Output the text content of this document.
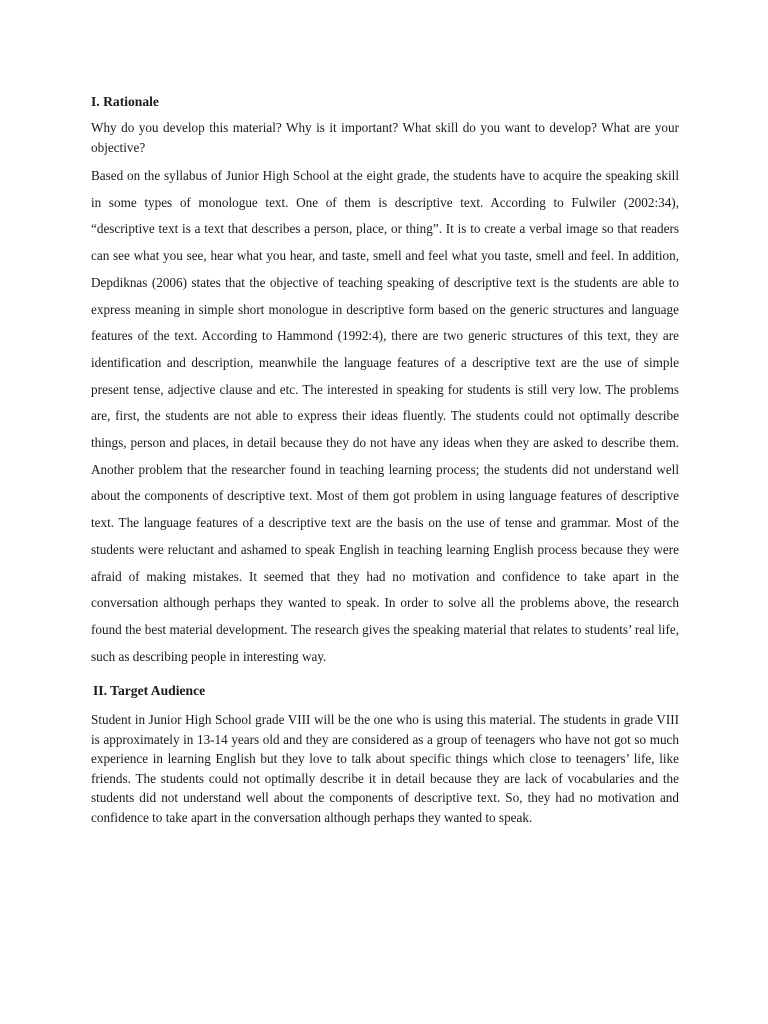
I. Rationale

Why do you develop this material? Why is it important? What skill do you want to develop? What are your objective?

Based on the syllabus of Junior High School at the eight grade, the students have to acquire the speaking skill in some types of monologue text. One of them is descriptive text. According to Fulwiler (2002:34), “descriptive text is a text that describes a person, place, or thing”. It is to create a verbal image so that readers can see what you see, hear what you hear, and taste, smell and feel what you taste, smell and feel. In addition, Depdiknas (2006) states that the objective of teaching speaking of descriptive text is the students are able to express meaning in simple short monologue in descriptive form based on the generic structures and language features of the text. According to Hammond (1992:4), there are two generic structures of this text, they are identification and description, meanwhile the language features of a descriptive text are the use of simple present tense, adjective clause and etc. The interested in speaking for students is still very low. The problems are, first, the students are not able to express their ideas fluently. The students could not optimally describe things, person and places, in detail because they do not have any ideas when they are asked to describe them. Another problem that the researcher found in teaching learning process; the students did not understand well about the components of descriptive text. Most of them got problem in using language features of descriptive text. The language features of a descriptive text are the basis on the use of tense and grammar. Most of the students were reluctant and ashamed to speak English in teaching learning English process because they were afraid of making mistakes. It seemed that they had no motivation and confidence to take apart in the conversation although perhaps they wanted to speak. In order to solve all the problems above, the research found the best material development. The research gives the speaking material that relates to students’ real life, such as describing people in interesting way.

II. Target Audience

Student in Junior High School grade VIII will be the one who is using this material. The students in grade VIII is approximately in 13-14 years old and they are considered as a group of teenagers who have not got so much experience in learning English but they love to talk about specific things which close to teenagers’ life, like friends. The students could not optimally describe it in detail because they are lack of vocabularies and the students did not understand well about the components of descriptive text. So, they had no motivation and confidence to take apart in the conversation although perhaps they wanted to speak.
